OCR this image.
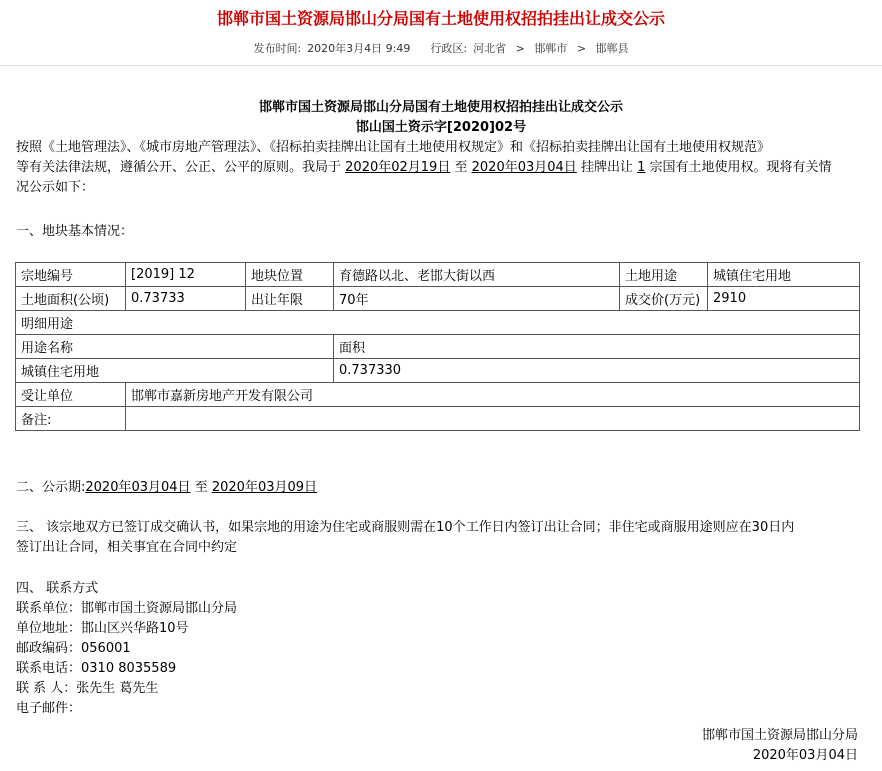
邯郸市国土资源局邯山分局国有土地使用权招拍挂出让成交公示
发布时间: 2020年3月4日 9:49 行政区: 河北省 > 邯郸市 > 邯郸县
邯郸市国土资源局邯山分局国有土地使用权招拍挂出让成交公示
邯山国土资示字[2020]02号
按照《土地管理法》、《城市房地产管理法》、《招标拍卖挂牌出让国有土地使用权规定》和《招标拍卖挂牌出让国有土地使用权规范》
等有关法律法规，遵循公开、公正、公平的原则。我局于 2020年02月19日 至 2020年03月04日 挂牌出让 1 宗国有土地使用权。现将有关情
况公示如下：
一、地块基本情况：
宗地编号	[2019] 12	地块位置	育德路以北、老邯大街以西	土地用途	城镇住宅用地
土地面积(公顷)	0.73733	出让年限	70年	成交价(万元)	2910
明细用途					
用途名称			面积		
城镇住宅用地			0.737330		
受让单位	邯郸市嘉新房地产开发有限公司				
备注:					
二、公示期:2020年03月04日 至 2020年03月09日
三、 该宗地双方已签订成交确认书，如果宗地的用途为住宅或商服则需在10个工作日内签订出让合同；非住宅或商服用途则应在30日内
签订出让合同，相关事宜在合同中约定
四、 联系方式
联系单位：邯郸市国土资源局邯山分局
单位地址：邯山区兴华路10号
邮政编码：056001
联系电话：0310 8035589
联 系 人：张先生 葛先生
电子邮件：
邯郸市国土资源局邯山分局
2020年03月04日
